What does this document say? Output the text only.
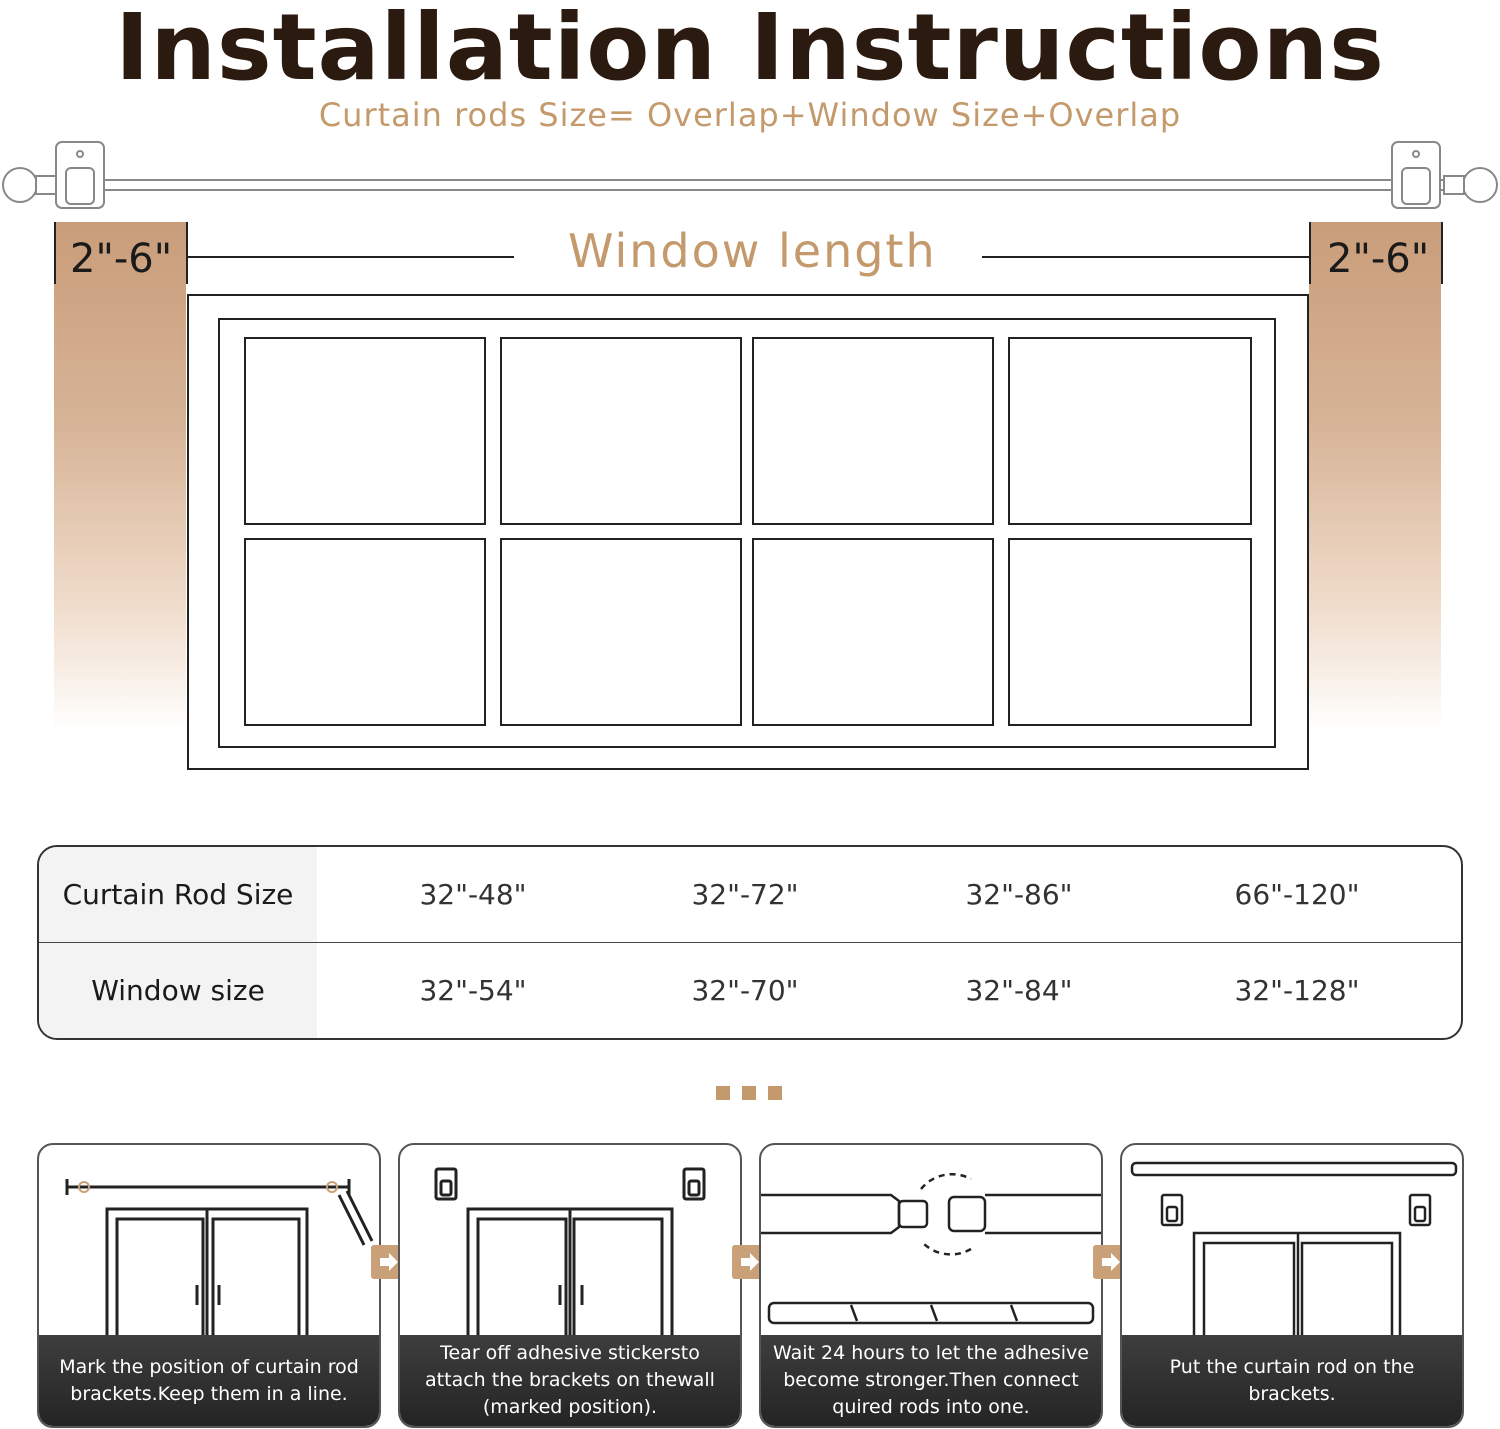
Installation Instructions
Curtain rods Size= Overlap+Window Size+Overlap
2"-6"	2"-6"
Window length
Curtain Rod Size	32"-48"	32"-72"	32"-86"	66"-120"
Window size	32"-54"	32"-70"	32"-84"	32"-128"
Mark the position of curtain rod brackets.Keep them in a line.
Tear off adhesive stickersto attach the brackets on thewall (marked position).
Wait 24 hours to let the adhesive become stronger.Then connect quired rods into one.
Put the curtain rod on the brackets.
